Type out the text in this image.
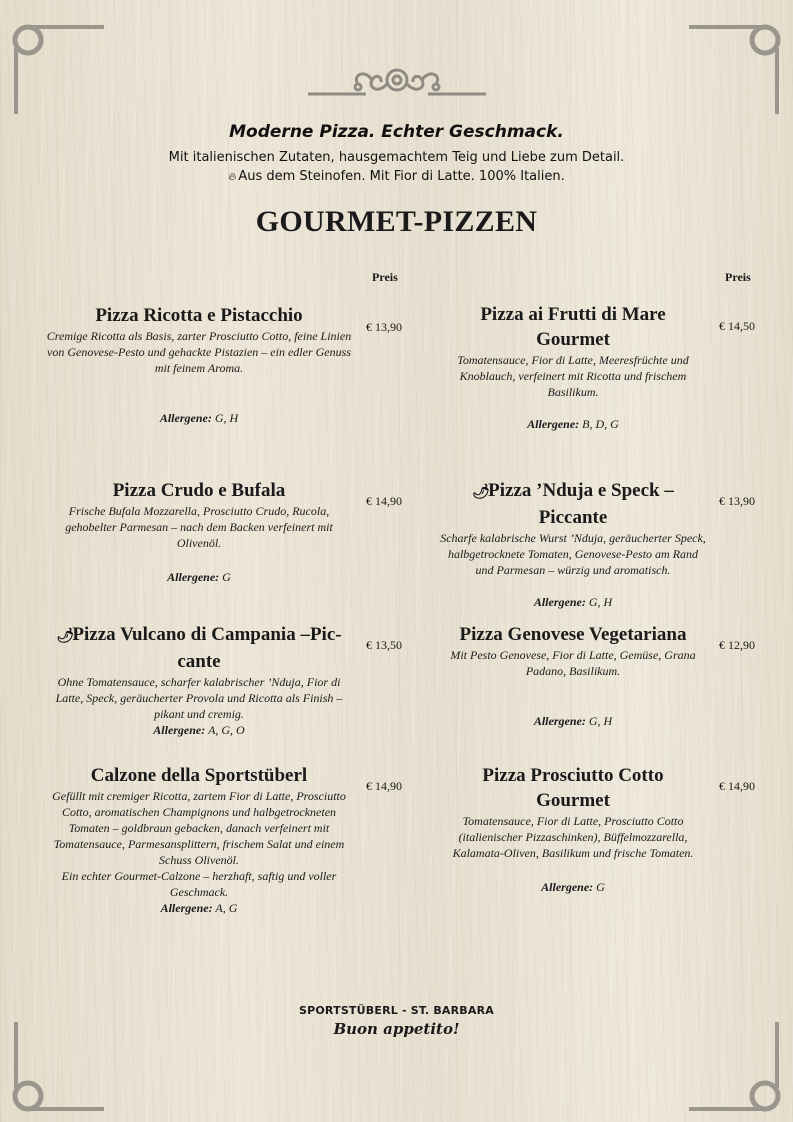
Moderne Pizza. Echter Geschmack.
Mit italienischen Zutaten, hausgemachtem Teig und Liebe zum Detail.
🔥︎ Aus dem Steinofen. Mit Fior di Latte. 100% Italien.
GOURMET-PIZZEN
Preis	Preis
Pizza Ricotta e Pistacchio
Cremige Ricotta als Basis, zarter Prosciutto Cotto, feine Linien von Genovese-Pesto und gehackte Pistazien – ein edler Genuss mit feinem Aroma.
Allergene: G, H
€ 13,90
Pizza Crudo e Bufala
Frische Bufala Mozzarella, Prosciutto Crudo, Rucola, gehobelter Parmesan – nach dem Backen verfeinert mit Olivenöl.
Allergene: G
€ 14,90
🌶︎Pizza Vulcano di Campania –Pic-
cante
Ohne Tomatensauce, scharfer kalabrischer ’Nduja, Fior di Latte, Speck, geräucherter Provola und Ricotta als Finish – pikant und cremig.
Allergene: A, G, O
€ 13,50
Calzone della Sportstüberl
Gefüllt mit cremiger Ricotta, zartem Fior di Latte, Prosciutto Cotto, aromatischen Champignons und halbgetrockneten Tomaten – goldbraun gebacken, danach verfeinert mit Tomatensauce, Parmesansplittern, frischem Salat und einem Schuss Olivenöl.
Ein echter Gourmet-Calzone – herzhaft, saftig und voller Geschmack.
Allergene: A, G
€ 14,90
Pizza ai Frutti di Mare
Gourmet
Tomatensauce, Fior di Latte, Meeresfrüchte und Knoblauch, verfeinert mit Ricotta und frischem Basilikum.
Allergene: B, D, G
€ 14,50
🌶︎Pizza ’Nduja e Speck –
Piccante
Scharfe kalabrische Wurst ’Nduja, geräucherter Speck, halbgetrocknete Tomaten, Genovese-Pesto am Rand und Parmesan – würzig und aromatisch.
Allergene: G, H
€ 13,90
Pizza Genovese Vegetariana
Mit Pesto Genovese, Fior di Latte, Gemüse, Grana Padano, Basilikum.
Allergene: G, H
€ 12,90
Pizza Prosciutto Cotto
Gourmet
Tomatensauce, Fior di Latte, Prosciutto Cotto (italienischer Pizzaschinken), Büffelmozzarella, Kalamata-Oliven, Basilikum und frische Tomaten.
Allergene: G
€ 14,90
SPORTSTÜBERL - ST. BARBARA
Buon appetito!
